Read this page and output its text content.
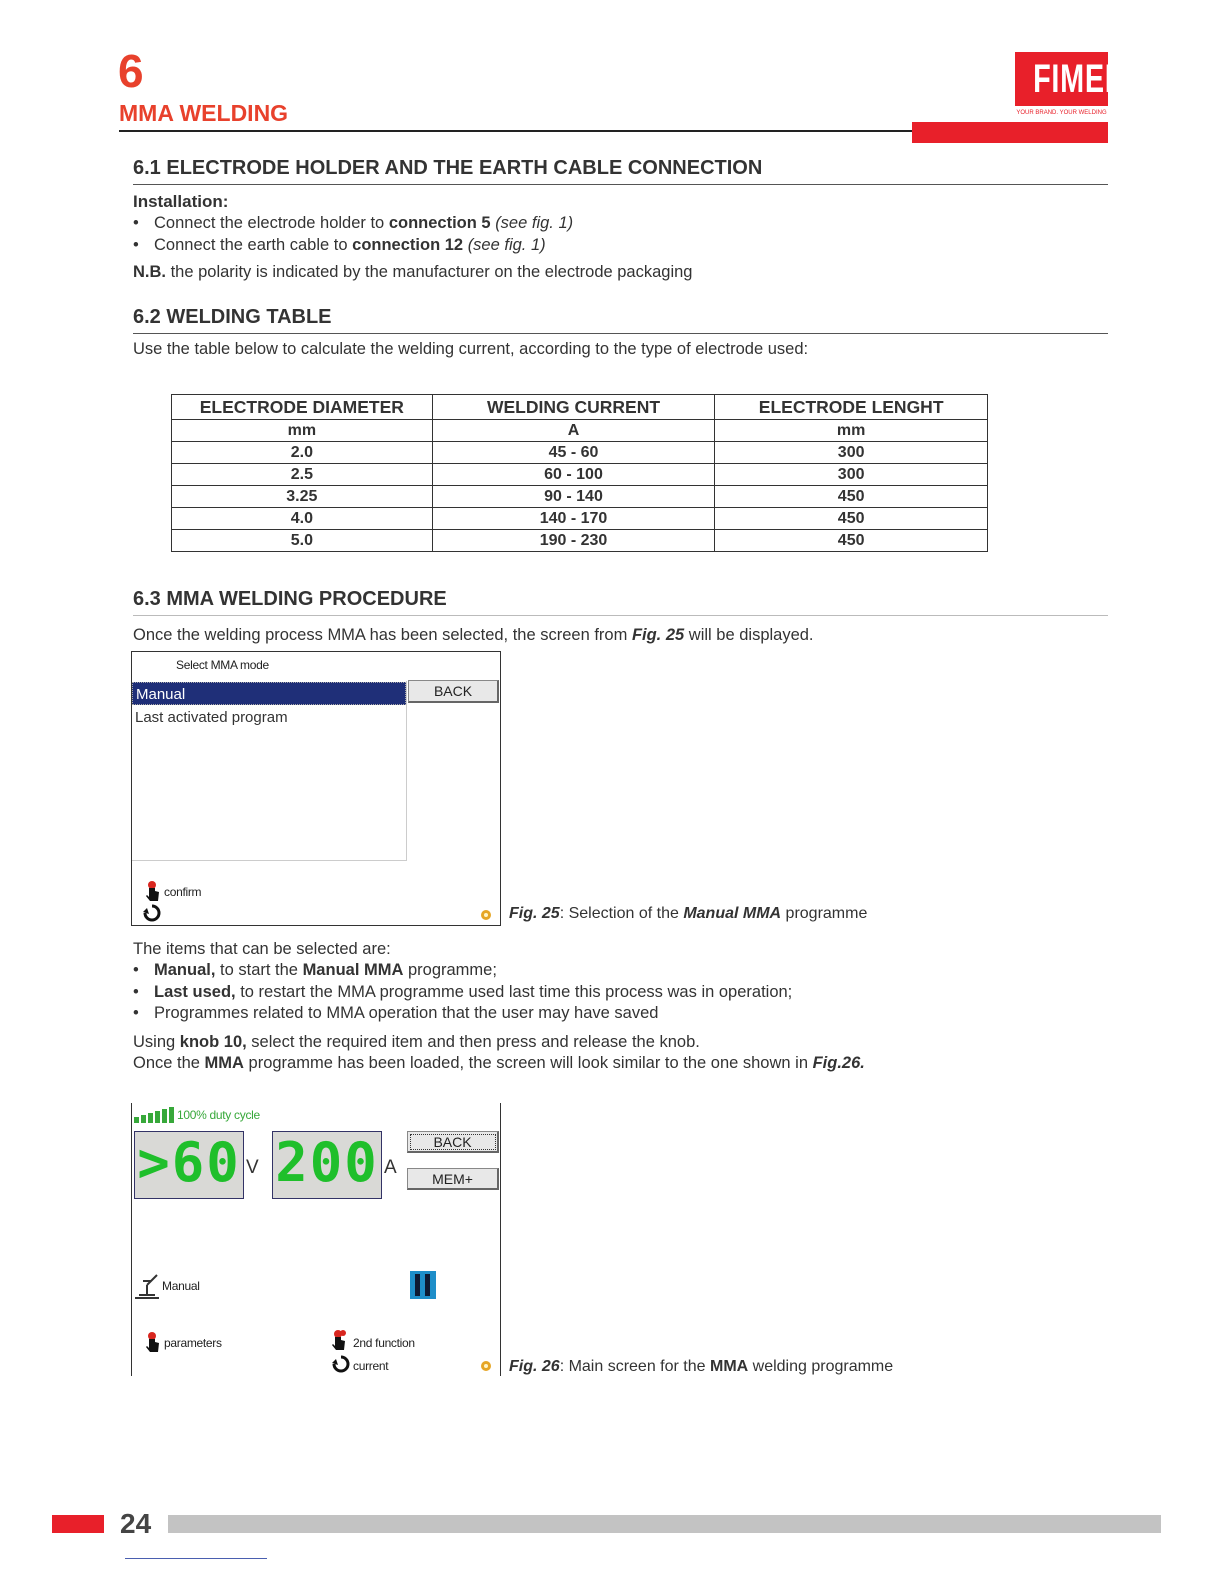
6
MMA WELDING
FIMER
YOUR BRAND. YOUR WELDING
6.1 ELECTRODE HOLDER AND THE EARTH CABLE CONNECTION
Installation:
• Connect the electrode holder to connection 5 (see fig. 1)
• Connect the earth cable to connection 12 (see fig. 1)
N.B. the polarity is indicated by the manufacturer on the electrode packaging
6.2 WELDING TABLE
Use the table below to calculate the welding current, according to the type of electrode used:
ELECTRODE DIAMETER	WELDING CURRENT	ELECTRODE LENGHT
mm	A	mm
2.0	45 - 60	300
2.5	60 - 100	300
3.25	90 - 140	450
4.0	140 - 170	450
5.0	190 - 230	450
6.3 MMA WELDING PROCEDURE
Once the welding process MMA has been selected, the screen from Fig. 25 will be displayed.
Select MMA mode
Manual
Last activated program
BACK
confirm
Fig. 25: Selection of the Manual MMA programme
The items that can be selected are:
• Manual, to start the Manual MMA programme;
• Last used, to restart the MMA programme used last time this process was in operation;
• Programmes related to MMA operation that the user may have saved
Using knob 10, select the required item and then press and release the knob.
Once the MMA programme has been loaded, the screen will look similar to the one shown in Fig.26.
100% duty cycle
>60 V 200 A
BACK
MEM+
Manual
parameters	2nd function
current	Fig. 26: Main screen for the MMA welding programme
24
